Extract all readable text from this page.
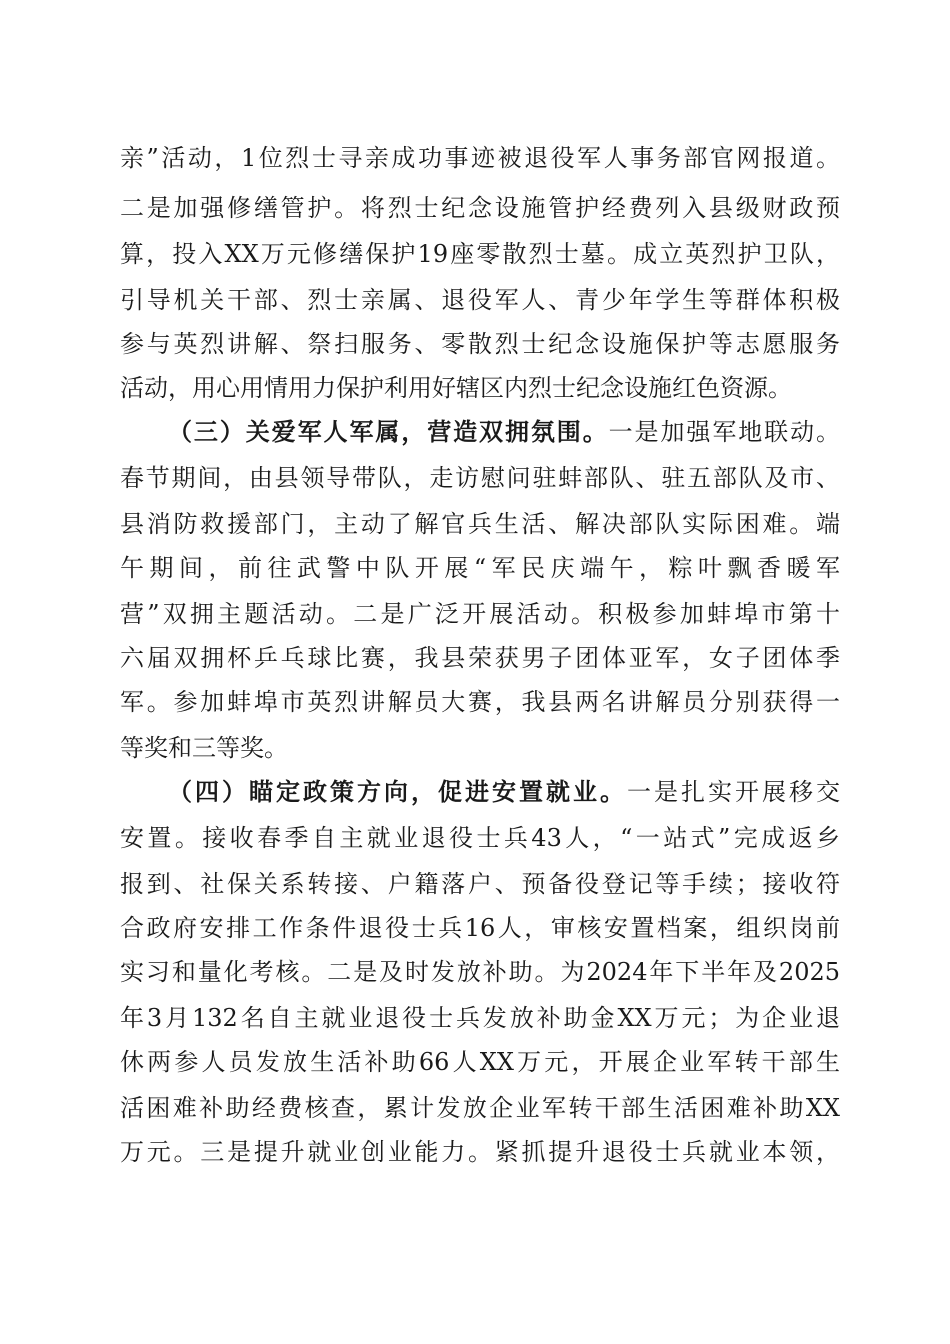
亲”活动，1位烈士寻亲成功事迹被退役军人事务部官网报道。
二是加强修缮管护。将烈士纪念设施管护经费列入县级财政预
算，投入XX万元修缮保护19座零散烈士墓。成立英烈护卫队，
引导机关干部、烈士亲属、退役军人、青少年学生等群体积极
参与英烈讲解、祭扫服务、零散烈士纪念设施保护等志愿服务
活动，用心用情用力保护利用好辖区内烈士纪念设施红色资源。
（三）关爱军人军属，营造双拥氛围。一是加强军地联动。
春节期间，由县领导带队，走访慰问驻蚌部队、驻五部队及市、
县消防救援部门，主动了解官兵生活、解决部队实际困难。端
午期间，前往武警中队开展“军民庆端午，粽叶飘香暖军
营”双拥主题活动。二是广泛开展活动。积极参加蚌埠市第十
六届双拥杯乒乓球比赛，我县荣获男子团体亚军，女子团体季
军。参加蚌埠市英烈讲解员大赛，我县两名讲解员分别获得一
等奖和三等奖。
（四）瞄定政策方向，促进安置就业。一是扎实开展移交
安置。接收春季自主就业退役士兵43人，“一站式”完成返乡
报到、社保关系转接、户籍落户、预备役登记等手续；接收符
合政府安排工作条件退役士兵16人，审核安置档案，组织岗前
实习和量化考核。二是及时发放补助。为2024年下半年及2025
年3月132名自主就业退役士兵发放补助金XX万元；为企业退
休两参人员发放生活补助66人XX万元，开展企业军转干部生
活困难补助经费核查，累计发放企业军转干部生活困难补助XX
万元。三是提升就业创业能力。紧抓提升退役士兵就业本领，
